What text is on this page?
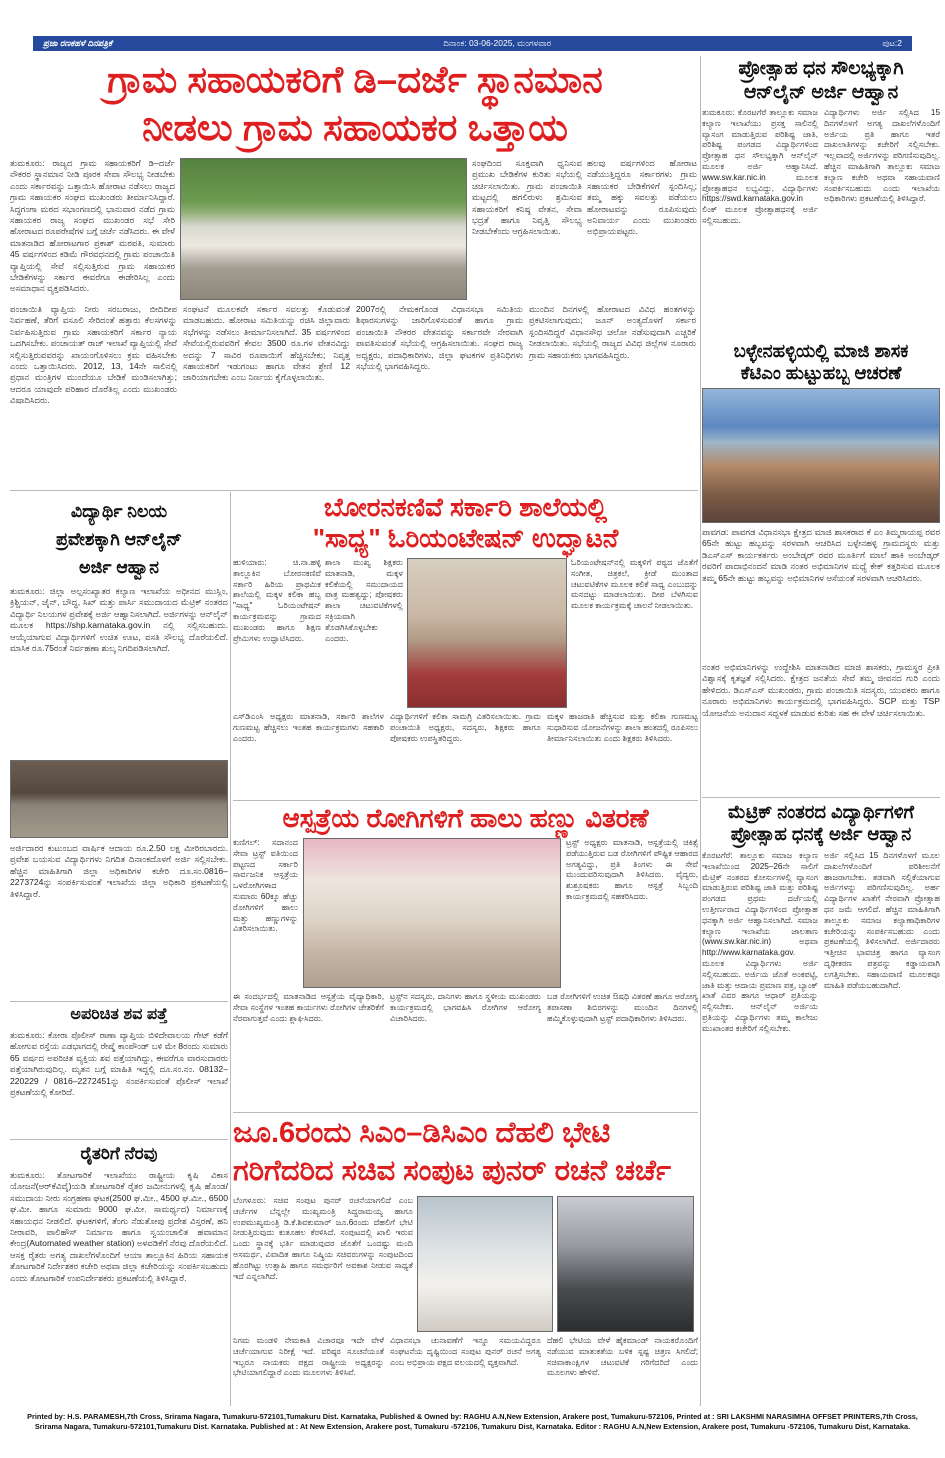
ಪ್ರಜಾ ರಣಕಹಳೆ ದಿನಪತ್ರಿಕೆ	ದಿನಾಂಕ: 03-06-2025, ಮಂಗಳವಾರ	ಪುಟ:2
ಗ್ರಾಮ ಸಹಾಯಕರಿಗೆ ಡಿ–ದರ್ಜೆ ಸ್ಥಾನಮಾನ
ನೀಡಲು ಗ್ರಾಮ ಸಹಾಯಕರ ಒತ್ತಾಯ
ತುಮಕೂರು: ರಾಜ್ಯದ ಗ್ರಾಮ ಸಹಾಯಕರಿಗೆ ಡಿ–ದರ್ಜೆ ನೌಕರರ ಸ್ಥಾನಮಾನ ನೀಡಿ ಪೂರಕ ಸೇವಾ ಸೌಲಭ್ಯ ನೀಡಬೇಕು ಎಂದು ಸರ್ಕಾರವನ್ನು ಒತ್ತಾಯಿಸಿ ಹೋರಾಟ ನಡೆಸಲು ರಾಜ್ಯದ ಗ್ರಾಮ ಸಹಾಯಕರ ಸಂಘದ ಮುಖಂಡರು ತೀರ್ಮಾನಿಸಿದ್ದಾರೆ. ಸಿದ್ಧಗಂಗಾ ಮಠದ ಸಭಾಂಗಣದಲ್ಲಿ ಭಾನುವಾರ ನಡೆದ ಗ್ರಾಮ ಸಹಾಯಕರ ರಾಜ್ಯ ಸಂಘದ ಮುಖಂಡರ ಸಭೆ ಸೇರಿ ಹೋರಾಟದ ರೂಪರೇಷೆಗಳ ಬಗ್ಗೆ ಚರ್ಚೆ ನಡೆಸಿದರು. ಈ ವೇಳೆ ಮಾತನಾಡಿದ ಹೋರಾಟಗಾರ ಪ್ರಕಾಶ್ ಮಠಪತಿ, ಸುಮಾರು 45 ವರ್ಷಗಳಿಂದ ಕಡಿಮೆ ಗೌರವಧನದಲ್ಲಿ ಗ್ರಾಮ ಪಂಚಾಯಿತಿ ವ್ಯಾಪ್ತಿಯಲ್ಲಿ ಸೇವೆ ಸಲ್ಲಿಸುತ್ತಿರುವ ಗ್ರಾಮ ಸಹಾಯಕರ ಬೇಡಿಕೆಗಳನ್ನು ಸರ್ಕಾರ ಈವರೆಗೂ ಈಡೇರಿಸಿಲ್ಲ ಎಂದು ಅಸಮಾಧಾನ ವ್ಯಕ್ತಪಡಿಸಿದರು.
ಸಂಘದಿಂದ ಸೂಕ್ತವಾಗಿ ಧ್ವನಿಸುವ ಪ್ರಮುಖ ಬೇಡಿಕೆಗಳ ಕುರಿತು ಸಭೆಯಲ್ಲಿ ಚರ್ಚಿಸಲಾಯಿತು. ಗ್ರಾಮ ಪಂಚಾಯಿತಿ ಮಟ್ಟದಲ್ಲಿ ಹಗಲಿರುಳು ಶ್ರಮಿಸುವ ಸಹಾಯಕರಿಗೆ ಕನಿಷ್ಠ ವೇತನ, ಸೇವಾ ಭದ್ರತೆ ಹಾಗೂ ನಿವೃತ್ತಿ ಸೌಲಭ್ಯ ನೀಡಬೇಕೆಂದು ಆಗ್ರಹಿಸಲಾಯಿತು.
ಹಲವು ವರ್ಷಗಳಿಂದ ಹೋರಾಟ ನಡೆಯುತ್ತಿದ್ದರೂ ಸರ್ಕಾರಗಳು ಗ್ರಾಮ ಸಹಾಯಕರ ಬೇಡಿಕೆಗಳಿಗೆ ಸ್ಪಂದಿಸಿಲ್ಲ; ತಮ್ಮ ಹಕ್ಕು ಸವಲತ್ತು ಪಡೆಯಲು ಹೋರಾಟವನ್ನು ರೂಪಿಸುವುದು ಅನಿವಾರ್ಯ ಎಂದು ಮುಖಂಡರು ಅಭಿಪ್ರಾಯಪಟ್ಟರು.
ಪಂಚಾಯಿತಿ ವ್ಯಾಪ್ತಿಯ ನೀರು ಸರಬರಾಜು, ಬೀದಿದೀಪ ನಿರ್ವಹಣೆ, ತೆರಿಗೆ ವಸೂಲಿ ಸೇರಿದಂತೆ ಹತ್ತಾರು ಕೆಲಸಗಳನ್ನು ನಿರ್ವಹಿಸುತ್ತಿರುವ ಗ್ರಾಮ ಸಹಾಯಕರಿಗೆ ಸರ್ಕಾರ ನ್ಯಾಯ ಒದಗಿಸಬೇಕು. ಪಂಚಾಯತ್ ರಾಜ್ ಇಲಾಖೆ ವ್ಯಾಪ್ತಿಯಲ್ಲಿ ಸೇವೆ ಸಲ್ಲಿಸುತ್ತಿರುವವರನ್ನು ಖಾಯಂಗೊಳಿಸಲು ಕ್ರಮ ವಹಿಸಬೇಕು ಎಂದು ಒತ್ತಾಯಿಸಿದರು. 2012, 13, 14ನೇ ಸಾಲಿನಲ್ಲಿ ಪ್ರಧಾನ ಮಂತ್ರಿಗಳ ಮುಂದೆಯೂ ಬೇಡಿಕೆ ಮಂಡಿಸಲಾಗಿತ್ತು; ಆದರೂ ಯಾವುದೇ ಪರಿಹಾರ ದೊರೆತಿಲ್ಲ ಎಂದು ಮುಖಂಡರು ವಿಷಾದಿಸಿದರು.
ಸಂಘಟನೆ ಮೂಲಕವೇ ಸರ್ಕಾರ ಸವಲತ್ತು ಕೊಡುವಂತೆ ಮಾಡಬಹುದು. ಹೋರಾಟ ಸಮಿತಿಯನ್ನು ರಚಿಸಿ ಜಿಲ್ಲಾವಾರು ಸಭೆಗಳನ್ನು ನಡೆಸಲು ತೀರ್ಮಾನಿಸಲಾಗಿದೆ. 35 ವರ್ಷಗಳಿಂದ ಸೇವೆಯಲ್ಲಿರುವವರಿಗೆ ಕೇವಲ 3500 ರೂ.ಗಳ ವೇತನವಿದ್ದು ಅದನ್ನು 7 ಸಾವಿರ ರೂಪಾಯಿಗೆ ಹೆಚ್ಚಿಸಬೇಕು; ನಿವೃತ್ತ ಸಹಾಯಕರಿಗೆ ಇಡುಗಂಟು ಹಾಗೂ ವೇತನ ಶ್ರೇಣಿ 12 ಜಾರಿಯಾಗಬೇಕು ಎಂಬ ನಿರ್ಣಯ ಕೈಗೊಳ್ಳಲಾಯಿತು.
2007ರಲ್ಲಿ ನೇಮಕಗೊಂಡ ವಿಧಾನಸಭಾ ಸಮಿತಿಯ ಶಿಫಾರಸುಗಳನ್ನು ಜಾರಿಗೊಳಿಸುವಂತೆ ಹಾಗೂ ಗ್ರಾಮ ಪಂಚಾಯಿತಿ ನೌಕರರ ವೇತನವನ್ನು ಸರ್ಕಾರವೇ ನೇರವಾಗಿ ಪಾವತಿಸುವಂತೆ ಸಭೆಯಲ್ಲಿ ಆಗ್ರಹಿಸಲಾಯಿತು. ಸಂಘದ ರಾಜ್ಯ ಅಧ್ಯಕ್ಷರು, ಪದಾಧಿಕಾರಿಗಳು, ಜಿಲ್ಲಾ ಘಟಕಗಳ ಪ್ರತಿನಿಧಿಗಳು ಸಭೆಯಲ್ಲಿ ಭಾಗವಹಿಸಿದ್ದರು.
ಮುಂದಿನ ದಿನಗಳಲ್ಲಿ ಹೋರಾಟದ ವಿವಿಧ ಹಂತಗಳನ್ನು ಪ್ರಕಟಿಸಲಾಗುವುದು; ಜೂನ್ ಅಂತ್ಯದೊಳಗೆ ಸರ್ಕಾರ ಸ್ಪಂದಿಸದಿದ್ದರೆ ವಿಧಾನಸೌಧ ಚಲೋ ನಡೆಸುವುದಾಗಿ ಎಚ್ಚರಿಕೆ ನೀಡಲಾಯಿತು. ಸಭೆಯಲ್ಲಿ ರಾಜ್ಯದ ವಿವಿಧ ಜಿಲ್ಲೆಗಳ ನೂರಾರು ಗ್ರಾಮ ಸಹಾಯಕರು ಭಾಗವಹಿಸಿದ್ದರು.
ಪ್ರೋತ್ಸಾಹ ಧನ ಸೌಲಭ್ಯಕ್ಕಾಗಿ
ಆನ್‌ಲೈನ್ ಅರ್ಜಿ ಆಹ್ವಾನ
ತುಮಕೂರು: ಕೊರಟಗೆರೆ ತಾಲ್ಲೂಕು ಸಮಾಜ ಕಲ್ಯಾಣ ಇಲಾಖೆಯು ಪ್ರಸಕ್ತ ಸಾಲಿನಲ್ಲಿ ವ್ಯಾಸಂಗ ಮಾಡುತ್ತಿರುವ ಪರಿಶಿಷ್ಟ ಜಾತಿ, ಪರಿಶಿಷ್ಟ ಪಂಗಡದ ವಿದ್ಯಾರ್ಥಿಗಳಿಂದ ಪ್ರೋತ್ಸಾಹ ಧನ ಸೌಲಭ್ಯಕ್ಕಾಗಿ ಆನ್‌ಲೈನ್ ಮೂಲಕ ಅರ್ಜಿ ಆಹ್ವಾನಿಸಿದೆ. www.sw.kar.nic.in ಮೂಲಕ ಪ್ರೋತ್ಸಾಹಧನ ಲಭ್ಯವಿದ್ದು, ವಿದ್ಯಾರ್ಥಿಗಳು https://swd.karnataka.gov.in ಲಿಂಕ್ ಮೂಲಕ ಪ್ರೋತ್ಸಾಹಧನಕ್ಕೆ ಅರ್ಜಿ ಸಲ್ಲಿಸಬಹುದು.
ವಿದ್ಯಾರ್ಥಿಗಳು ಅರ್ಜಿ ಸಲ್ಲಿಸಿದ 15 ದಿನಗಳೊಳಗೆ ಅಗತ್ಯ ದಾಖಲೆಗಳೊಂದಿಗೆ ಅರ್ಜಿಯ ಪ್ರತಿ ಹಾಗೂ ಇತರೆ ದಾಖಲಾತಿಗಳನ್ನು ಕಚೇರಿಗೆ ಸಲ್ಲಿಸಬೇಕು. ಇಲ್ಲವಾದಲ್ಲಿ ಅರ್ಜಿಗಳನ್ನು ಪರಿಗಣಿಸುವುದಿಲ್ಲ. ಹೆಚ್ಚಿನ ಮಾಹಿತಿಗಾಗಿ ತಾಲ್ಲೂಕು ಸಮಾಜ ಕಲ್ಯಾಣ ಕಚೇರಿ ಅಥವಾ ಸಹಾಯವಾಣಿ ಸಂಪರ್ಕಿಸಬಹುದು ಎಂದು ಇಲಾಖೆಯ ಅಧಿಕಾರಿಗಳು ಪ್ರಕಟಣೆಯಲ್ಲಿ ತಿಳಿಸಿದ್ದಾರೆ.
ಬಳ್ಳೇನಹಳ್ಳಿಯಲ್ಲಿ ಮಾಜಿ ಶಾಸಕ
ಕೆಟಿಎಂ ಹುಟ್ಟುಹಬ್ಬ ಆಚರಣೆ
ಪಾವಗಡ: ಪಾವಗಡ ವಿಧಾನಸಭಾ ಕ್ಷೇತ್ರದ ಮಾಜಿ ಶಾಸಕರಾದ ಕೆ ಎಂ ತಿಮ್ಮರಾಯಪ್ಪ ರವರ 65ನೇ ಹುಟ್ಟು ಹಬ್ಬವನ್ನು ಸರಳವಾಗಿ ಆಚರಿಸಿದ ಬಳ್ಳೇನಹಳ್ಳಿ ಗ್ರಾಮದಸ್ಥರು ಮತ್ತು ಡಿಎಸ್‌ಎಸ್ ಕಾರ್ಯಕರ್ತರು ಅಂಬೇಡ್ಕರ್ ರವರ ಮೂರ್ತಿಗೆ ಮಾಲೆ ಹಾಕಿ ಅಂಬೇಡ್ಕರ್ ರವರಿಗೆ ಪಾದಾಭಿನಂದನೆ ಮಾಡಿ ನಂತರ ಅಭಿಮಾನಿಗಳ ಮಧ್ಯೆ ಕೇಕ್ ಕತ್ತರಿಸುವ ಮೂಲಕ ತಮ್ಮ 65ನೇ ಹುಟ್ಟು ಹಬ್ಬವನ್ನು ಅಭಿಮಾನಿಗಳ ಆಸೆಯಂತೆ ಸರಳವಾಗಿ ಆಚರಿಸಿದರು.
ನಂತರ ಅಭಿಮಾನಿಗಳನ್ನು ಉದ್ದೇಶಿಸಿ ಮಾತನಾಡಿದ ಮಾಜಿ ಶಾಸಕರು, ಗ್ರಾಮಸ್ಥರ ಪ್ರೀತಿ ವಿಶ್ವಾಸಕ್ಕೆ ಕೃತಜ್ಞತೆ ಸಲ್ಲಿಸಿದರು. ಕ್ಷೇತ್ರದ ಜನತೆಯ ಸೇವೆ ತಮ್ಮ ಜೀವನದ ಗುರಿ ಎಂದು ಹೇಳಿದರು. ಡಿಎಸ್‌ಎಸ್ ಮುಖಂಡರು, ಗ್ರಾಮ ಪಂಚಾಯಿತಿ ಸದಸ್ಯರು, ಯುವಕರು ಹಾಗೂ ನೂರಾರು ಅಭಿಮಾನಿಗಳು ಕಾರ್ಯಕ್ರಮದಲ್ಲಿ ಭಾಗವಹಿಸಿದ್ದರು. SCP ಮತ್ತು TSP ಯೋಜನೆಯ ಅನುದಾನ ಸದ್ಬಳಕೆ ಮಾಡುವ ಕುರಿತು ಸಹ ಈ ವೇಳೆ ಚರ್ಚಿಸಲಾಯಿತು.
ಮೆಟ್ರಿಕ್ ನಂತರದ ವಿದ್ಯಾರ್ಥಿಗಳಿಗೆ
ಪ್ರೋತ್ಸಾಹ ಧನಕ್ಕೆ ಅರ್ಜಿ ಆಹ್ವಾನ
ಕೊರಟಗೆರೆ: ತಾಲ್ಲೂಕು ಸಮಾಜ ಕಲ್ಯಾಣ ಇಲಾಖೆಯಿಂದ 2025–26ನೇ ಸಾಲಿಗೆ ಮೆಟ್ರಿಕ್ ನಂತರದ ಕೋರ್ಸುಗಳಲ್ಲಿ ವ್ಯಾಸಂಗ ಮಾಡುತ್ತಿರುವ ಪರಿಶಿಷ್ಟ ಜಾತಿ ಮತ್ತು ಪರಿಶಿಷ್ಟ ಪಂಗಡದ ಪ್ರಥಮ ದರ್ಜೆಯಲ್ಲಿ ಉತ್ತೀರ್ಣರಾದ ವಿದ್ಯಾರ್ಥಿಗಳಿಂದ ಪ್ರೋತ್ಸಾಹ ಧನಕ್ಕಾಗಿ ಅರ್ಜಿ ಆಹ್ವಾನಿಸಲಾಗಿದೆ. ಸಮಾಜ ಕಲ್ಯಾಣ ಇಲಾಖೆಯ ಜಾಲತಾಣ (www.sw.kar.nic.in) ಅಥವಾ http://www.karnataka.gov. ಮೂಲಕ ವಿದ್ಯಾರ್ಥಿಗಳು ಅರ್ಜಿ ಸಲ್ಲಿಸಬಹುದು. ಅರ್ಜಿಯ ಜೊತೆ ಅಂಕಪಟ್ಟಿ, ಜಾತಿ ಮತ್ತು ಆದಾಯ ಪ್ರಮಾಣ ಪತ್ರ, ಬ್ಯಾಂಕ್ ಖಾತೆ ವಿವರ ಹಾಗೂ ಆಧಾರ್ ಪ್ರತಿಯನ್ನು ಸಲ್ಲಿಸಬೇಕು. ಆನ್‌ಲೈನ್ ಅರ್ಜಿಯ ಪ್ರತಿಯನ್ನು ವಿದ್ಯಾರ್ಥಿಗಳು ತಮ್ಮ ಕಾಲೇಜು ಮುಖಾಂತರ ಕಚೇರಿಗೆ ಸಲ್ಲಿಸಬೇಕು.
ಅರ್ಜಿ ಸಲ್ಲಿಸಿದ 15 ದಿನಗಳೊಳಗೆ ಮೂಲ ದಾಖಲೆಗಳೊಂದಿಗೆ ಪರಿಶೀಲನೆಗೆ ಹಾಜರಾಗಬೇಕು. ತಡವಾಗಿ ಸಲ್ಲಿಕೆಯಾಗುವ ಅರ್ಜಿಗಳನ್ನು ಪರಿಗಣಿಸುವುದಿಲ್ಲ. ಅರ್ಹ ವಿದ್ಯಾರ್ಥಿಗಳ ಖಾತೆಗೆ ನೇರವಾಗಿ ಪ್ರೋತ್ಸಾಹ ಧನ ಜಮೆ ಆಗಲಿದೆ. ಹೆಚ್ಚಿನ ಮಾಹಿತಿಗಾಗಿ ತಾಲ್ಲೂಕು ಸಮಾಜ ಕಲ್ಯಾಣಾಧಿಕಾರಿಗಳ ಕಚೇರಿಯನ್ನು ಸಂಪರ್ಕಿಸಬಹುದು ಎಂದು ಪ್ರಕಟಣೆಯಲ್ಲಿ ತಿಳಿಸಲಾಗಿದೆ. ಅರ್ಜಿದಾರರು ಇತ್ತೀಚಿನ ಭಾವಚಿತ್ರ ಹಾಗೂ ವ್ಯಾಸಂಗ ದೃಢೀಕರಣ ಪತ್ರವನ್ನು ಕಡ್ಡಾಯವಾಗಿ ಲಗತ್ತಿಸಬೇಕು. ಸಹಾಯವಾಣಿ ಮೂಲಕವೂ ಮಾಹಿತಿ ಪಡೆಯಬಹುದಾಗಿದೆ.
ವಿದ್ಯಾರ್ಥಿ ನಿಲಯ
ಪ್ರವೇಶಕ್ಕಾಗಿ ಆನ್‌ಲೈನ್
ಅರ್ಜಿ ಆಹ್ವಾನ
ತುಮಕೂರು: ಜಿಲ್ಲಾ ಅಲ್ಪಸಂಖ್ಯಾತರ ಕಲ್ಯಾಣ ಇಲಾಖೆಯ ಅಧೀನದ ಮುಸ್ಲಿಂ, ಕ್ರಿಶ್ಚಿಯನ್, ಜೈನ್, ಬೌದ್ಧ, ಸಿಖ್ ಮತ್ತು ಪಾರ್ಸಿ ಸಮುದಾಯದ ಮೆಟ್ರಿಕ್ ನಂತರದ ವಿದ್ಯಾರ್ಥಿ ನಿಲಯಗಳ ಪ್ರವೇಶಕ್ಕೆ ಅರ್ಜಿ ಆಹ್ವಾನಿಸಲಾಗಿದೆ. ಅರ್ಜಿಗಳನ್ನು ಆನ್‌ಲೈನ್ ಮೂಲಕ https://shp.karnataka.gov.in ನಲ್ಲಿ ಸಲ್ಲಿಸಬಹುದು. ಆಯ್ಕೆಯಾಗುವ ವಿದ್ಯಾರ್ಥಿಗಳಿಗೆ ಉಚಿತ ಊಟ, ವಸತಿ ಸೌಲಭ್ಯ ದೊರೆಯಲಿದೆ. ಮಾಸಿಕ ರೂ.75ರಂತೆ ನಿರ್ವಹಣಾ ಶುಲ್ಕ ನಿಗದಿಪಡಿಸಲಾಗಿದೆ.
ಅರ್ಜಿದಾರರ ಕುಟುಂಬದ ವಾರ್ಷಿಕ ಆದಾಯ ರೂ.2.50 ಲಕ್ಷ ಮೀರಿರಬಾರದು. ಪ್ರವೇಶ ಬಯಸುವ ವಿದ್ಯಾರ್ಥಿಗಳು ನಿಗದಿತ ದಿನಾಂಕದೊಳಗೆ ಅರ್ಜಿ ಸಲ್ಲಿಸಬೇಕು. ಹೆಚ್ಚಿನ ಮಾಹಿತಿಗಾಗಿ ಜಿಲ್ಲಾ ಅಧಿಕಾರಿಗಳ ಕಚೇರಿ ದೂ.ಸಂ.0816–2273724ನ್ನು ಸಂಪರ್ಕಿಸುವಂತೆ ಇಲಾಖೆಯ ಜಿಲ್ಲಾ ಅಧಿಕಾರಿ ಪ್ರಕಟಣೆಯಲ್ಲಿ ತಿಳಿಸಿದ್ದಾರೆ.
ಅಪರಿಚಿತ ಶವ ಪತ್ತೆ
ತುಮಕೂರು: ಕೋರಾ ಪೊಲೀಸ್ ಠಾಣಾ ವ್ಯಾಪ್ತಿಯ ಬಿಳಿದೇವಾಲಯ ಗೇಟ್ ಕಡೆಗೆ ಹೋಗುವ ರಸ್ತೆಯ ಎಡಭಾಗದಲ್ಲಿ ರೇಷ್ಮೆ ಕಾಂಪೌಂಡ್ ಬಳಿ ಮೇ 8ರಂದು ಸುಮಾರು 65 ವರ್ಷದ ಅಪರಿಚಿತ ವ್ಯಕ್ತಿಯ ಶವ ಪತ್ತೆಯಾಗಿದ್ದು, ಈವರೆಗೂ ವಾರಸುದಾರರು ಪತ್ತೆಯಾಗಿರುವುದಿಲ್ಲ. ಮೃತನ ಬಗ್ಗೆ ಮಾಹಿತಿ ಇದ್ದಲ್ಲಿ ದೂ.ಸಂ.ನಂ. 08132–220229 / 0816–2272451ನ್ನು ಸಂಪರ್ಕಿಸುವಂತೆ ಪೊಲೀಸ್ ಇಲಾಖೆ ಪ್ರಕಟಣೆಯಲ್ಲಿ ಕೋರಿದೆ.
ರೈತರಿಗೆ ನೆರವು
ತುಮಕೂರು: ತೋಟಗಾರಿಕೆ ಇಲಾಖೆಯು ರಾಷ್ಟ್ರೀಯ ಕೃಷಿ ವಿಕಾಸ ಯೋಜನೆ(ಆರ್‌ಕೆವಿವೈ)ಯಡಿ ತೋಟಗಾರಿಕೆ ರೈತರ ಜಮೀನುಗಳಲ್ಲಿ ಕೃಷಿ ಹೊಂಡ/ಸಮುದಾಯ ನೀರು ಸಂಗ್ರಹಣಾ ಘಟಕ(2500 ಘ.ಮೀ., 4500 ಘ.ಮೀ., 6500 ಘ.ಮೀ. ಹಾಗೂ ಸುಮಾರು 9000 ಘ.ಮೀ. ಸಾಮರ್ಥ್ಯದ) ನಿರ್ಮಾಣಕ್ಕೆ ಸಹಾಯಧನ ನೀಡಲಿದೆ. ಘಟಕಗಳಿಗೆ, ತೆಂಗು ನೆಡುತೋಪು ಪ್ರದೇಶ ವಿಸ್ತರಣೆ, ಹನಿ ನೀರಾವರಿ, ಪಾಲಿಹೌಸ್ ನಿರ್ಮಾಣ ಹಾಗೂ ಸ್ವಯಂಚಾಲಿತ ಹವಾಮಾನ ಕೇಂದ್ರ(Automated weather station) ಅಳವಡಿಕೆಗೆ ನೆರವು ದೊರೆಯಲಿದೆ. ಆಸಕ್ತ ರೈತರು ಅಗತ್ಯ ದಾಖಲೆಗಳೊಂದಿಗೆ ಆಯಾ ತಾಲ್ಲೂಕಿನ ಹಿರಿಯ ಸಹಾಯಕ ತೋಟಗಾರಿಕೆ ನಿರ್ದೇಶಕರ ಕಚೇರಿ ಅಥವಾ ಜಿಲ್ಲಾ ಕಚೇರಿಯನ್ನು ಸಂಪರ್ಕಿಸಬಹುದು ಎಂದು ತೋಟಗಾರಿಕೆ ಉಪನಿರ್ದೇಶಕರು ಪ್ರಕಟಣೆಯಲ್ಲಿ ತಿಳಿಸಿದ್ದಾರೆ.
ಬೋರನಕಣಿವೆ ಸರ್ಕಾರಿ ಶಾಲೆಯಲ್ಲಿ
"ಸಾಧ್ಯ" ಓರಿಯಂಟೇಷನ್ ಉದ್ಘಾಟನೆ
ಹುಳಿಯಾರು: ಚಿ.ನಾ.ಹಳ್ಳಿ ತಾಲ್ಲೂಕಿನ ಬೋರನಕಣಿವೆ ಸರ್ಕಾರಿ ಹಿರಿಯ ಪ್ರಾಥಮಿಕ ಶಾಲೆಯಲ್ಲಿ ಮಕ್ಕಳ ಕಲಿಕಾ ಹಬ್ಬ "ಸಾಧ್ಯ" ಓರಿಯಂಟೇಷನ್ ಕಾರ್ಯಕ್ರಮವನ್ನು ಗ್ರಾಮದ ಮುಖಂಡರು ಹಾಗೂ ಶಿಕ್ಷಣ ಪ್ರೇಮಿಗಳು ಉದ್ಘಾಟಿಸಿದರು.
ಶಾಲಾ ಮುಖ್ಯ ಶಿಕ್ಷಕರು ಮಾತನಾಡಿ, ಮಕ್ಕಳ ಕಲಿಕೆಯಲ್ಲಿ ಸಮುದಾಯದ ಪಾತ್ರ ಮಹತ್ವದ್ದು; ಪೋಷಕರು ಶಾಲಾ ಚಟುವಟಿಕೆಗಳಲ್ಲಿ ಸಕ್ರಿಯವಾಗಿ ತೊಡಗಿಸಿಕೊಳ್ಳಬೇಕು ಎಂದರು.
ಓರಿಯಂಟೇಷನ್‌ನಲ್ಲಿ ಮಕ್ಕಳಿಗೆ ಪಠ್ಯದ ಜೊತೆಗೆ ಸಂಗೀತ, ಚಿತ್ರಕಲೆ, ಕ್ರೀಡೆ ಮುಂತಾದ ಚಟುವಟಿಕೆಗಳ ಮೂಲಕ ಕಲಿಕೆ ಸಾಧ್ಯ ಎಂಬುದನ್ನು ಮನದಟ್ಟು ಮಾಡಲಾಯಿತು. ದೀಪ ಬೆಳಗಿಸುವ ಮೂಲಕ ಕಾರ್ಯಕ್ರಮಕ್ಕೆ ಚಾಲನೆ ನೀಡಲಾಯಿತು.
ಎಸ್‌ಡಿಎಂಸಿ ಅಧ್ಯಕ್ಷರು ಮಾತನಾಡಿ, ಸರ್ಕಾರಿ ಶಾಲೆಗಳ ಗುಣಮಟ್ಟ ಹೆಚ್ಚಿಸಲು ಇಂತಹ ಕಾರ್ಯಕ್ರಮಗಳು ಸಹಕಾರಿ ಎಂದರು.
ವಿದ್ಯಾರ್ಥಿಗಳಿಗೆ ಕಲಿಕಾ ಸಾಮಗ್ರಿ ವಿತರಿಸಲಾಯಿತು. ಗ್ರಾಮ ಪಂಚಾಯಿತಿ ಅಧ್ಯಕ್ಷರು, ಸದಸ್ಯರು, ಶಿಕ್ಷಕರು ಹಾಗೂ ಪೋಷಕರು ಉಪಸ್ಥಿತರಿದ್ದರು.
ಮಕ್ಕಳ ಹಾಜರಾತಿ ಹೆಚ್ಚಿಸುವ ಮತ್ತು ಕಲಿಕಾ ಗುಣಮಟ್ಟ ಸುಧಾರಿಸುವ ಯೋಜನೆಗಳನ್ನು ಶಾಲಾ ಹಂತದಲ್ಲಿ ರೂಪಿಸಲು ತೀರ್ಮಾನಿಸಲಾಯಿತು ಎಂದು ಶಿಕ್ಷಕರು ತಿಳಿಸಿದರು.
ಆಸ್ಪತ್ರೆಯ ರೋಗಿಗಳಿಗೆ ಹಾಲು ಹಣ್ಣು ವಿತರಣೆ
ಕುಣಿಗಲ್: ಸದಾನಂದ ಸೇವಾ ಟ್ರಸ್ಟ್ ವತಿಯಿಂದ ಪಟ್ಟಣದ ಸರ್ಕಾರಿ ಸಾರ್ವಜನಿಕ ಆಸ್ಪತ್ರೆಯ ಒಳರೋಗಿಗಳಾದ ಸುಮಾರು 60ಕ್ಕೂ ಹೆಚ್ಚು ರೋಗಿಗಳಿಗೆ ಹಾಲು ಮತ್ತು ಹಣ್ಣುಗಳನ್ನು ವಿತರಿಸಲಾಯಿತು.
ಟ್ರಸ್ಟ್ ಅಧ್ಯಕ್ಷರು ಮಾತನಾಡಿ, ಆಸ್ಪತ್ರೆಯಲ್ಲಿ ಚಿಕಿತ್ಸೆ ಪಡೆಯುತ್ತಿರುವ ಬಡ ರೋಗಿಗಳಿಗೆ ಪೌಷ್ಟಿಕ ಆಹಾರದ ಅಗತ್ಯವಿದ್ದು, ಪ್ರತಿ ತಿಂಗಳು ಈ ಸೇವೆ ಮುಂದುವರಿಸುವುದಾಗಿ ತಿಳಿಸಿದರು. ವೈದ್ಯರು, ಶುಶ್ರೂಷಕರು ಹಾಗೂ ಆಸ್ಪತ್ರೆ ಸಿಬ್ಬಂದಿ ಕಾರ್ಯಕ್ರಮದಲ್ಲಿ ಸಹಕರಿಸಿದರು.
ಈ ಸಂದರ್ಭದಲ್ಲಿ ಮಾತನಾಡಿದ ಆಸ್ಪತ್ರೆಯ ವೈದ್ಯಾಧಿಕಾರಿ, ಸೇವಾ ಸಂಸ್ಥೆಗಳ ಇಂತಹ ಕಾರ್ಯಗಳು ರೋಗಿಗಳ ಚೇತರಿಕೆಗೆ ನೆರವಾಗುತ್ತವೆ ಎಂದು ಶ್ಲಾಘಿಸಿದರು.
ಟ್ರಸ್ಟ್‌ನ ಸದಸ್ಯರು, ದಾನಿಗಳು ಹಾಗೂ ಸ್ಥಳೀಯ ಮುಖಂಡರು ಕಾರ್ಯಕ್ರಮದಲ್ಲಿ ಭಾಗವಹಿಸಿ ರೋಗಿಗಳ ಆರೋಗ್ಯ ವಿಚಾರಿಸಿದರು.
ಬಡ ರೋಗಿಗಳಿಗೆ ಉಚಿತ ಔಷಧಿ ವಿತರಣೆ ಹಾಗೂ ಆರೋಗ್ಯ ತಪಾಸಣಾ ಶಿಬಿರಗಳನ್ನು ಮುಂದಿನ ದಿನಗಳಲ್ಲಿ ಹಮ್ಮಿಕೊಳ್ಳುವುದಾಗಿ ಟ್ರಸ್ಟ್ ಪದಾಧಿಕಾರಿಗಳು ತಿಳಿಸಿದರು.
ಜೂ.6ರಂದು ಸಿಎಂ–ಡಿಸಿಎಂ ದೆಹಲಿ ಭೇಟಿ
ಗರಿಗೆದರಿದ ಸಚಿವ ಸಂಪುಟ ಪುನರ್ ರಚನೆ ಚರ್ಚೆ
ಬೆಂಗಳೂರು: ಸಚಿವ ಸಂಪುಟ ಪುನರ್ ರಚನೆಯಾಗಲಿದೆ ಎಂಬ ಚರ್ಚೆಗಳ ಬೆನ್ನಲ್ಲೇ ಮುಖ್ಯಮಂತ್ರಿ ಸಿದ್ದರಾಮಯ್ಯ ಹಾಗೂ ಉಪಮುಖ್ಯಮಂತ್ರಿ ಡಿ.ಕೆ.ಶಿವಕುಮಾರ್ ಜೂ.6ರಂದು ದೆಹಲಿಗೆ ಭೇಟಿ ನೀಡುತ್ತಿರುವುದು ಕುತೂಹಲ ಕೆರಳಿಸಿದೆ. ಸಂಪುಟದಲ್ಲಿ ಖಾಲಿ ಇರುವ ಒಂದು ಸ್ಥಾನಕ್ಕೆ ಭರ್ತಿ ಮಾಡುವುದರ ಜೊತೆಗೆ ಒಂದಷ್ಟು ಮಂದಿ ಅಸಮರ್ಥ, ವಿವಾದಿತ ಹಾಗೂ ನಿಷ್ಕ್ರಿಯ ಸಚಿವರುಗಳನ್ನು ಸಂಪುಟದಿಂದ ಹೊರಗಿಟ್ಟು ಉತ್ಸಾಹಿ ಹಾಗೂ ಸಮರ್ಥರಿಗೆ ಅವಕಾಶ ನೀಡುವ ಸಾಧ್ಯತೆ ಇದೆ ಎನ್ನಲಾಗಿದೆ.
ನಿಗಮ ಮಂಡಳಿ ನೇಮಕಾತಿ ವಿಚಾರವೂ ಇದೇ ವೇಳೆ ಚರ್ಚೆಯಾಗುವ ನಿರೀಕ್ಷೆ ಇದೆ. ವರಿಷ್ಠರ ಸೂಚನೆಯಂತೆ ಇಬ್ಬರೂ ನಾಯಕರು ಪಕ್ಷದ ರಾಷ್ಟ್ರೀಯ ಅಧ್ಯಕ್ಷರನ್ನು ಭೇಟಿಯಾಗಲಿದ್ದಾರೆ ಎಂದು ಮೂಲಗಳು ತಿಳಿಸಿವೆ.
ವಿಧಾನಸಭಾ ಚುನಾವಣೆಗೆ ಇನ್ನೂ ಸಮಯವಿದ್ದರೂ ಸಂಘಟನೆಯ ದೃಷ್ಟಿಯಿಂದ ಸಂಪುಟ ಪುನರ್ ರಚನೆ ಅಗತ್ಯ ಎಂಬ ಅಭಿಪ್ರಾಯ ಪಕ್ಷದ ವಲಯದಲ್ಲಿ ವ್ಯಕ್ತವಾಗಿದೆ.
ದೆಹಲಿ ಭೇಟಿಯ ವೇಳೆ ಹೈಕಮಾಂಡ್ ನಾಯಕರೊಂದಿಗೆ ನಡೆಯುವ ಮಾತುಕತೆಯ ಬಳಿಕ ಸ್ಪಷ್ಟ ಚಿತ್ರಣ ಸಿಗಲಿದೆ; ಸಚಿವಾಕಾಂಕ್ಷಿಗಳ ಚಟುವಟಿಕೆ ಗರಿಗೆದರಿದೆ ಎಂದು ಮೂಲಗಳು ಹೇಳಿವೆ.
Printed by: H.S. PARAMESH,7th Cross, Srirama Nagara, Tumakuru-572101,Tumakuru Dist. Karnataka, Published & Owned by: RAGHU A.N,New Extension, Arakere post, Tumakuru-572106, Printed at : SRI LAKSHMI NARASIMHA OFFSET PRINTERS,7th Cross,
Srirama Nagara, Tumakuru-572101,Tumakuru Dist. Karnataka. Published at : At New Extension, Arakere post, Tumakuru -572106, Tumakuru Dist, Karnataka. Editor : RAGHU A.N,New Extension, Arakere post, Tumakuru -572106, Tumakuru Dist, Karnataka.
